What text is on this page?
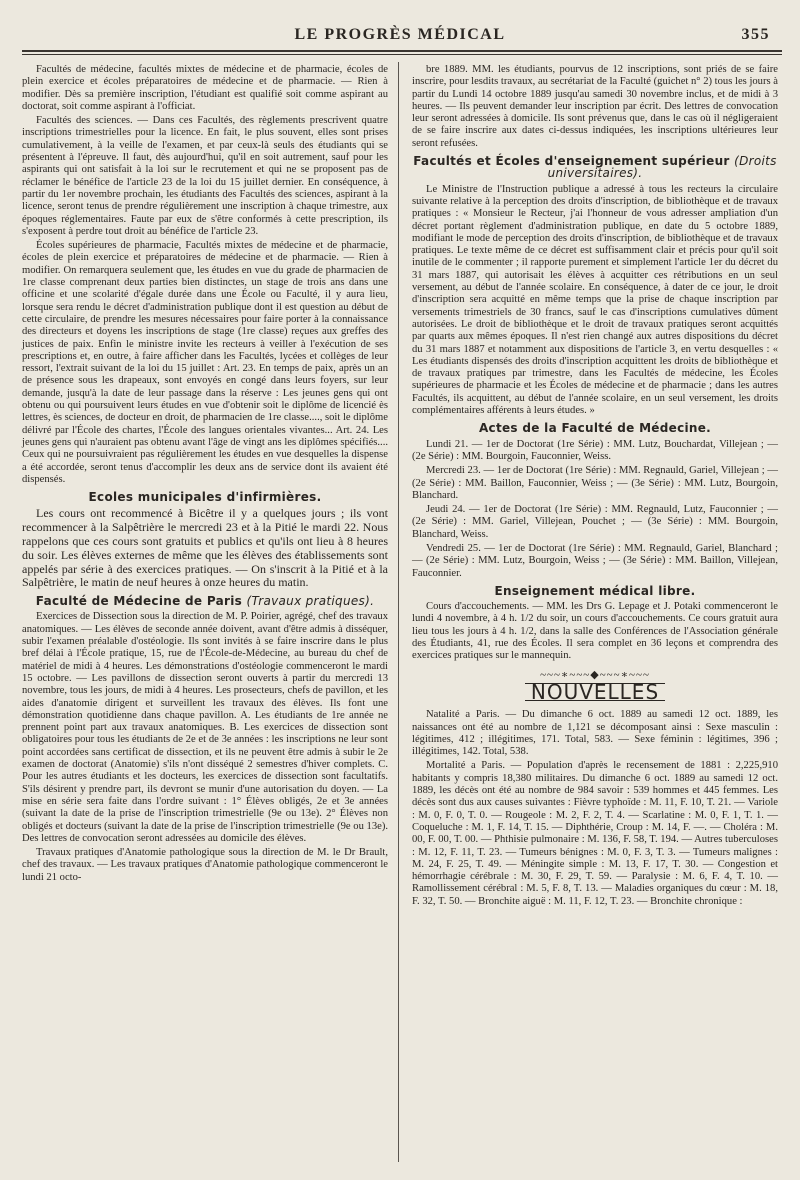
LE PROGRÈS MÉDICAL	355

Facultés de médecine, facultés mixtes de médecine et de pharmacie, écoles de plein exercice et écoles préparatoires de médecine et de pharmacie. — Rien à modifier. Dès sa première inscription, l'étudiant est qualifié soit comme aspirant au doctorat, soit comme aspirant à l'officiat.

Facultés des sciences. — Dans ces Facultés, des règlements prescrivent quatre inscriptions trimestrielles pour la licence. En fait, le plus souvent, elles sont prises cumulativement, à la veille de l'examen, et par ceux-là seuls des étudiants qui se présentent à l'épreuve. Il faut, dès aujourd'hui, qu'il en soit autrement, sauf pour les aspirants qui ont satisfait à la loi sur le recrutement et qui ne se proposent pas de réclamer le bénéfice de l'article 23 de la loi du 15 juillet dernier. En conséquence, à partir du 1er novembre prochain, les étudiants des Facultés des sciences, aspirant à la licence, seront tenus de prendre régulièrement une inscription à chaque trimestre, aux époques réglementaires. Faute par eux de s'être conformés à cette prescription, ils s'exposent à perdre tout droit au bénéfice de l'article 23.

Écoles supérieures de pharmacie, Facultés mixtes de médecine et de pharmacie, écoles de plein exercice et préparatoires de médecine et de pharmacie. — Rien à modifier. On remarquera seulement que, les études en vue du grade de pharmacien de 1re classe comprenant deux parties bien distinctes, un stage de trois ans dans une officine et une scolarité d'égale durée dans une École ou Faculté, il y aura lieu, lorsque sera rendu le décret d'administration publique dont il est question au début de cette circulaire, de prendre les mesures nécessaires pour faire porter à la connaissance des directeurs et doyens les inscriptions de stage (1re classe) reçues aux greffes des justices de paix. Enfin le ministre invite les recteurs à veiller à l'exécution de ses prescriptions et, en outre, à faire afficher dans les Facultés, lycées et collèges de leur ressort, l'extrait suivant de la loi du 15 juillet : Art. 23. En temps de paix, après un an de présence sous les drapeaux, sont envoyés en congé dans leurs foyers, sur leur demande, jusqu'à la date de leur passage dans la réserve : Les jeunes gens qui ont obtenu ou qui poursuivent leurs études en vue d'obtenir soit le diplôme de licencié ès lettres, ès sciences, de docteur en droit, de pharmacien de 1re classe...., soit le diplôme délivré par l'École des chartes, l'École des langues orientales vivantes... Art. 24. Les jeunes gens qui n'auraient pas obtenu avant l'âge de vingt ans les diplômes spécifiés.... Ceux qui ne poursuivraient pas régulièrement les études en vue desquelles la dispense a été accordée, seront tenus d'accomplir les deux ans de service dont ils avaient été dispensés.

Ecoles municipales d'infirmières.

Les cours ont recommencé à Bicêtre il y a quelques jours ; ils vont recommencer à la Salpêtrière le mercredi 23 et à la Pitié le mardi 22. Nous rappelons que ces cours sont gratuits et publics et qu'ils ont lieu à 8 heures du soir. Les élèves externes de même que les élèves des établissements sont appelés par série à des exercices pratiques. — On s'inscrit à la Pitié et à la Salpêtrière, le matin de neuf heures à onze heures du matin.

Faculté de Médecine de Paris (Travaux pratiques).

Exercices de Dissection sous la direction de M. P. Poirier, agrégé, chef des travaux anatomiques. — Les élèves de seconde année doivent, avant d'être admis à disséquer, subir l'examen préalable d'ostéologie. Ils sont invités à se faire inscrire dans le plus bref délai à l'École pratique, 15, rue de l'École-de-Médecine, au bureau du chef de matériel de midi à 4 heures. Les démonstrations d'ostéologie commenceront le mardi 15 octobre. — Les pavillons de dissection seront ouverts à partir du mercredi 13 novembre, tous les jours, de midi à 4 heures. Les prosecteurs, chefs de pavillon, et les aides d'anatomie dirigent et surveillent les travaux des élèves. Ils font une démonstration quotidienne dans chaque pavillon. A. Les étudiants de 1re année ne prennent point part aux travaux anatomiques. B. Les exercices de dissection sont obligatoires pour tous les étudiants de 2e et de 3e années : les inscriptions ne leur sont point accordées sans certificat de dissection, et ils ne peuvent être admis à subir le 2e examen de doctorat (Anatomie) s'ils n'ont disséqué 2 semestres d'hiver complets. C. Pour les autres étudiants et les docteurs, les exercices de dissection sont facultatifs. S'ils désirent y prendre part, ils devront se munir d'une autorisation du doyen. — La mise en série sera faite dans l'ordre suivant : 1° Élèves obligés, 2e et 3e années (suivant la date de la prise de l'inscription trimestrielle (9e ou 13e). 2° Élèves non obligés et docteurs (suivant la date de la prise de l'inscription trimestrielle (9e ou 13e). Des lettres de convocation seront adressées au domicile des élèves.

Travaux pratiques d'Anatomie pathologique sous la direction de M. le Dr Brault, chef des travaux. — Les travaux pratiques d'Anatomie pathologique commenceront le lundi 21 octo-

bre 1889. MM. les étudiants, pourvus de 12 inscriptions, sont priés de se faire inscrire, pour lesdits travaux, au secrétariat de la Faculté (guichet n° 2) tous les jours à partir du Lundi 14 octobre 1889 jusqu'au samedi 30 novembre inclus, et de midi à 3 heures. — Ils peuvent demander leur inscription par écrit. Des lettres de convocation leur seront adressées à domicile. Ils sont prévenus que, dans le cas où il négligeraient de se faire inscrire aux dates ci-dessus indiquées, les inscriptions ultérieures leur seront refusées.

Facultés et Écoles d'enseignement supérieur (Droits universitaires).

Le Ministre de l'Instruction publique a adressé à tous les recteurs la circulaire suivante relative à la perception des droits d'inscription, de bibliothèque et de travaux pratiques : « Monsieur le Recteur, j'ai l'honneur de vous adresser ampliation d'un décret portant règlement d'administration publique, en date du 5 octobre 1889, modifiant le mode de perception des droits d'inscription, de bibliothèque et de travaux pratiques. Le texte même de ce décret est suffisamment clair et précis pour qu'il soit inutile de le commenter ; il rapporte purement et simplement l'article 1er du décret du 31 mars 1887, qui autorisait les élèves à acquitter ces rétributions en un seul versement, au début de l'année scolaire. En conséquence, à dater de ce jour, le droit d'inscription sera acquitté en même temps que la prise de chaque inscription par versements trimestriels de 30 francs, sauf le cas d'inscriptions cumulatives dûment autorisées. Le droit de bibliothèque et le droit de travaux pratiques seront acquittés par quarts aux mêmes époques. Il n'est rien changé aux autres dispositions du décret du 31 mars 1887 et notamment aux dispositions de l'article 3, en vertu desquelles : « Les étudiants dispensés des droits d'inscription acquittent les droits de bibliothèque et de travaux pratiques par trimestre, dans les Facultés de médecine, les Écoles supérieures de pharmacie et les Écoles de médecine et de pharmacie ; dans les autres Facultés, ils acquittent, au début de l'année scolaire, en un seul versement, les droits complémentaires afférents à leurs études. »

Actes de la Faculté de Médecine.

Lundi 21. — 1er de Doctorat (1re Série) : MM. Lutz, Bouchardat, Villejean ; — (2e Série) : MM. Bourgoin, Fauconnier, Weiss.

Mercredi 23. — 1er de Doctorat (1re Série) : MM. Regnauld, Gariel, Villejean ; — (2e Série) : MM. Baillon, Fauconnier, Weiss ; — (3e Série) : MM. Lutz, Bourgoin, Blanchard.

Jeudi 24. — 1er de Doctorat (1re Série) : MM. Regnauld, Lutz, Fauconnier ; — (2e Série) : MM. Gariel, Villejean, Pouchet ; — (3e Série) : MM. Bourgoin, Blanchard, Weiss.

Vendredi 25. — 1er de Doctorat (1re Série) : MM. Regnauld, Gariel, Blanchard ; — (2e Série) : MM. Lutz, Bourgoin, Weiss ; — (3e Série) : MM. Baillon, Villejean, Fauconnier.

Enseignement médical libre.

Cours d'accouchements. — MM. les Drs G. Lepage et J. Potaki commenceront le lundi 4 novembre, à 4 h. 1/2 du soir, un cours d'accouchements. Ce cours gratuit aura lieu tous les jours à 4 h. 1/2, dans la salle des Conférences de l'Association générale des Étudiants, 41, rue des Écoles. Il sera complet en 36 leçons et comprendra des exercices pratiques sur le mannequin.

~~~∗~~~◆~~~∗~~~
NOUVELLES

Natalité a Paris. — Du dimanche 6 oct. 1889 au samedi 12 oct. 1889, les naissances ont été au nombre de 1,121 se décomposant ainsi : Sexe masculin : légitimes, 412 ; illégitimes, 171. Total, 583. — Sexe féminin : légitimes, 396 ; illégitimes, 142. Total, 538.

Mortalité a Paris. — Population d'après le recensement de 1881 : 2,225,910 habitants y compris 18,380 militaires. Du dimanche 6 oct. 1889 au samedi 12 oct. 1889, les décès ont été au nombre de 984 savoir : 539 hommes et 445 femmes. Les décès sont dus aux causes suivantes : Fièvre typhoïde : M. 11, F. 10, T. 21. — Variole : M. 0, F. 0, T. 0. — Rougeole : M. 2, F. 2, T. 4. — Scarlatine : M. 0, F. 1, T. 1. — Coqueluche : M. 1, F. 14, T. 15. — Diphthérie, Croup : M. 14, F. —. — Choléra : M. 00, F. 00, T. 00. — Phthisie pulmonaire : M. 136, F. 58, T. 194. — Autres tuberculoses : M. 12, F. 11, T. 23. — Tumeurs bénignes : M. 0, F. 3, T. 3. — Tumeurs malignes : M. 24, F. 25, T. 49. — Méningite simple : M. 13, F. 17, T. 30. — Congestion et hémorrhagie cérébrale : M. 30, F. 29, T. 59. — Paralysie : M. 6, F. 4, T. 10. — Ramollissement cérébral : M. 5, F. 8, T. 13. — Maladies organiques du cœur : M. 18, F. 32, T. 50. — Bronchite aiguë : M. 11, F. 12, T. 23. — Bronchite chronique :
